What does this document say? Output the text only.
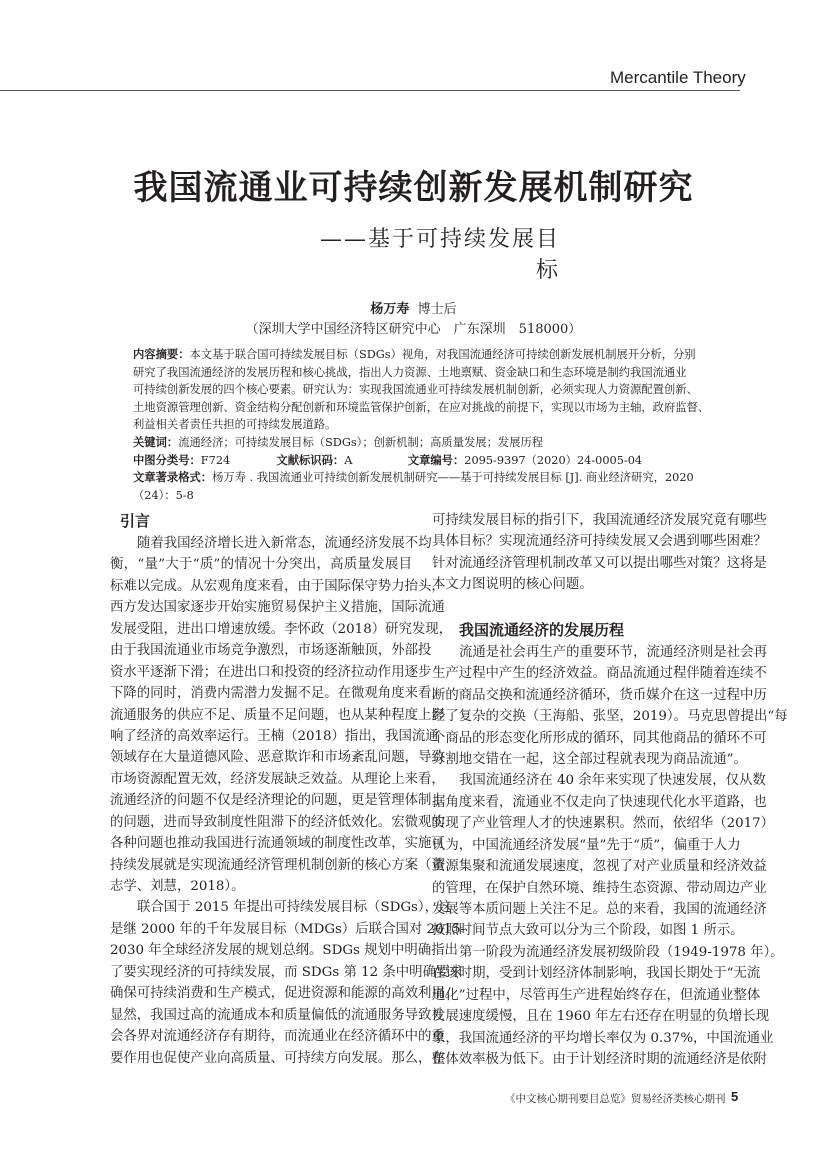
Mercantile Theory
我国流通业可持续创新发展机制研究
——基于可持续发展目标
杨万寿 博士后
（深圳大学中国经济特区研究中心　广东深圳　518000）
内容摘要：本文基于联合国可持续发展目标（SDGs）视角，对我国流通经济可持续创新发展机制展开分析，分别
研究了我国流通经济的发展历程和核心挑战，指出人力资源、土地禀赋、资金缺口和生态环境是制约我国流通业
可持续创新发展的四个核心要素。研究认为：实现我国流通业可持续发展机制创新，必须实现人力资源配置创新、
土地资源管理创新、资金结构分配创新和环境监管保护创新，在应对挑战的前提下，实现以市场为主轴，政府监督、
利益相关者责任共担的可持续发展道路。
关键词：流通经济；可持续发展目标（SDGs）；创新机制；高质量发展；发展历程
中图分类号：F724	文献标识码：A	文章编号：2095-9397（2020）24-0005-04
文章著录格式：杨万寿 . 我国流通业可持续创新发展机制研究——基于可持续发展目标 [J]. 商业经济研究，2020
（24）：5-8
引言
随着我国经济增长进入新常态，流通经济发展不均
衡，“量”大于“质”的情况十分突出，高质量发展目
标难以完成。从宏观角度来看，由于国际保守势力抬头，
西方发达国家逐步开始实施贸易保护主义措施，国际流通
发展受阻，进出口增速放缓。李怀政（2018）研究发现，
由于我国流通业市场竞争激烈，市场逐渐触顶，外部投
资水平逐渐下滑；在进出口和投资的经济拉动作用逐步
下降的同时，消费内需潜力发掘不足。在微观角度来看，
流通服务的供应不足、质量不足问题，也从某种程度上影
响了经济的高效率运行。王楠（2018）指出，我国流通
领域存在大量道德风险、恶意欺诈和市场紊乱问题，导致
市场资源配置无效，经济发展缺乏效益。从理论上来看，
流通经济的问题不仅是经济理论的问题，更是管理体制上
的问题，进而导致制度性阻滞下的经济低效化。宏微观的
各种问题也推动我国进行流通领域的制度性改革，实施可
持续发展就是实现流通经济管理机制创新的核心方案（董
志学、刘慧，2018）。
联合国于 2015 年提出可持续发展目标（SDGs），这
是继 2000 年的千年发展目标（MDGs）后联合国对 2015-
2030 年全球经济发展的规划总纲。SDGs 规划中明确指出
了要实现经济的可持续发展，而 SDGs 第 12 条中明确要求
确保可持续消费和生产模式，促进资源和能源的高效利用。
显然，我国过高的流通成本和质量偏低的流通服务导致社
会各界对流通经济存有期待，而流通业在经济循环中的重
要作用也促使产业向高质量、可持续方向发展。那么，在
可持续发展目标的指引下，我国流通经济发展究竟有哪些
具体目标？实现流通经济可持续发展又会遇到哪些困难？
针对流通经济管理机制改革又可以提出哪些对策？这将是
本文力图说明的核心问题。
我国流通经济的发展历程
流通是社会再生产的重要环节，流通经济则是社会再
生产过程中产生的经济效益。商品流通过程伴随着连续不
断的商品交换和流通经济循环，货币媒介在这一过程中历
经了复杂的交换（王海船、张坚，2019）。马克思曾提出“每
个商品的形态变化所形成的循环，同其他商品的循环不可
分割地交错在一起，这全部过程就表现为商品流通”。
我国流通经济在 40 余年来实现了快速发展，仅从数
据角度来看，流通业不仅走向了快速现代化水平道路，也
实现了产业管理人才的快速累积。然而，依绍华（2017）
认为，中国流通经济发展“量”先于“质”，偏重于人力
资源集聚和流通发展速度，忽视了对产业质量和经济效益
的管理，在保护自然环境、维持生态资源、带动周边产业
发展等本质问题上关注不足。总的来看，我国的流通经济
按照时间节点大致可以分为三个阶段，如图 1 所示。
第一阶段为流通经济发展初级阶段（1949-1978 年）。
在该时期，受到计划经济体制影响，我国长期处于“无流
通化”过程中，尽管再生产进程始终存在，但流通业整体
发展速度缓慢，且在 1960 年左右还存在明显的负增长现
象，我国流通经济的平均增长率仅为 0.37%，中国流通业
整体效率极为低下。由于计划经济时期的流通经济是依附
《中文核心期刊要目总览》贸易经济类核心期刊 5
